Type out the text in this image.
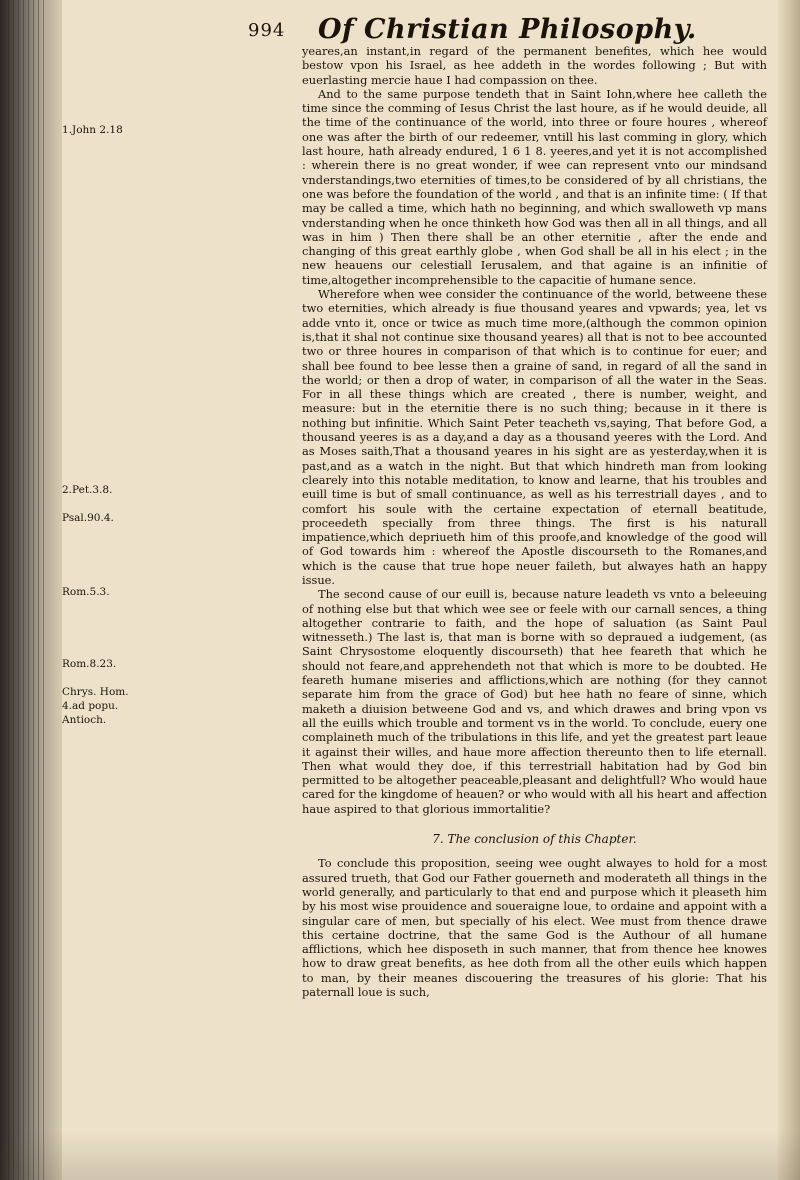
994 Of Christian Philosophy.
1.John 2.18
2.Pet.3.8.
Psal.90.4.
Rom.5.3.
Rom.8.23.
Chrys. Hom.
4.ad popu.
Antioch.

yeares,an instant,in regard of the permanent benefites, which hee would bestow vpon his Israel, as hee addeth in the wordes following ; But with euerlasting mercie haue I had compassion on thee.

And to the same purpose tendeth that in Saint Iohn,where hee calleth the time since the comming of Iesus Christ the last houre, as if he would deuide, all the time of the continuance of the world, into three or foure houres , whereof one was after the birth of our redeemer, vntill his last comming in glory, which last houre, hath already endured, 1 6 1 8. yeeres,and yet it is not accomplished : wherein there is no great wonder, if wee can represent vnto our mindsand vnderstandings,two eternities of times,to be considered of by all christians, the one was before the foundation of the world , and that is an infinite time: ( If that may be called a time, which hath no beginning, and which swalloweth vp mans vnderstanding when he once thinketh how God was then all in all things, and all was in him ) Then there shall be an other eternitie , after the ende and changing of this great earthly globe , when God shall be all in his elect ; in the new heauens our celestiall Ierusalem, and that againe is an infinitie of time,altogether incomprehensible to the capacitie of humane sence.

Wherefore when wee consider the continuance of the world, betweene these two eternities, which already is fiue thousand yeares and vpwards; yea, let vs adde vnto it, once or twice as much time more,(although the common opinion is,that it shal not continue sixe thousand yeares) all that is not to bee accounted two or three houres in comparison of that which is to continue for euer; and shall bee found to bee lesse then a graine of sand, in regard of all the sand in the world; or then a drop of water, in comparison of all the water in the Seas. For in all these things which are created , there is number, weight, and measure: but in the eternitie there is no such thing; because in it there is nothing but infinitie. Which Saint Peter teacheth vs,saying, That before God, a thousand yeeres is as a day,and a day as a thousand yeeres with the Lord. And as Moses saith,That a thousand yeares in his sight are as yesterday,when it is past,and as a watch in the night. But that which hindreth man from looking clearely into this notable meditation, to know and learne, that his troubles and euill time is but of small continuance, as well as his terrestriall dayes , and to comfort his soule with the certaine expectation of eternall beatitude, proceedeth specially from three things. The first is his naturall impatience,which depriueth him of this proofe,and knowledge of the good will of God towards him : whereof the Apostle discourseth to the Romanes,and which is the cause that true hope neuer faileth, but alwayes hath an happy issue.

The second cause of our euill is, because nature leadeth vs vnto a beleeuing of nothing else but that which wee see or feele with our carnall sences, a thing altogether contrarie to faith, and the hope of saluation (as Saint Paul witnesseth.) The last is, that man is borne with so depraued a iudgement, (as Saint Chrysostome eloquently discourseth) that hee feareth that which he should not feare,and apprehendeth not that which is more to be doubted. He feareth humane miseries and afflictions,which are nothing (for they cannot separate him from the grace of God) but hee hath no feare of sinne, which maketh a diuision betweene God and vs, and which drawes and bring vpon vs all the euills which trouble and torment vs in the world. To conclude, euery one complaineth much of the tribulations in this life, and yet the greatest part leaue it against their willes, and haue more affection thereunto then to life eternall. Then what would they doe, if this terrestriall habitation had by God bin permitted to be altogether peaceable,pleasant and delightfull? Who would haue cared for the kingdome of heauen? or who would with all his heart and affection haue aspired to that glorious immortalitie?

7. The conclusion of this Chapter.

To conclude this proposition, seeing wee ought alwayes to hold for a most assured trueth, that God our Father gouerneth and moderateth all things in the world generally, and particularly to that end and purpose which it pleaseth him by his most wise prouidence and soueraigne loue, to ordaine and appoint with a singular care of men, but specially of his elect. Wee must from thence drawe this certaine doctrine, that the same God is the Authour of all humane afflictions, which hee disposeth in such manner, that from thence hee knowes how to draw great benefits, as hee doth from all the other euils which happen to man, by their meanes discouering the treasures of his glorie: That his paternall loue is such,
